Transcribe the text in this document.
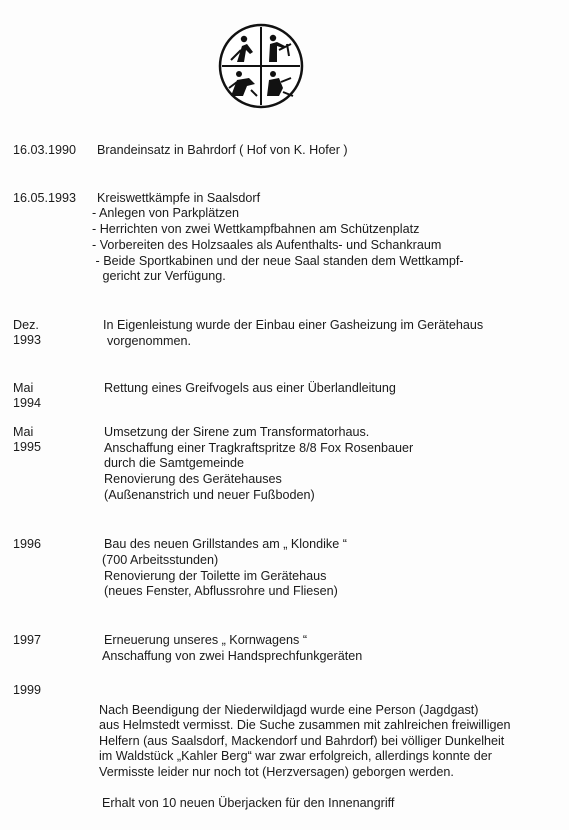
16.03.1990 Brandeinsatz in Bahrdorf ( Hof von K. Hofer )
16.05.1993 Kreiswettkämpfe in Saalsdorf
- Anlegen von Parkplätzen
- Herrichten von zwei Wettkampfbahnen am Schützenplatz
- Vorbereiten des Holzsaales als Aufenthalts- und Schankraum
- Beide Sportkabinen und der neue Saal standen dem Wettkampf-
gericht zur Verfügung.
Dez. 1993
In Eigenleistung wurde der Einbau einer Gasheizung im Gerätehaus
vorgenommen.
Mai 1994
Rettung eines Greifvogels aus einer Überlandleitung
Mai 1995
Umsetzung der Sirene zum Transformatorhaus.
Anschaffung einer Tragkraftspritze 8/8 Fox Rosenbauer
durch die Samtgemeinde
Renovierung des Gerätehauses
(Außenanstrich und neuer Fußboden)
1996	Bau des neuen Grillstandes am „ Klondike “
(700 Arbeitsstunden)
Renovierung der Toilette im Gerätehaus
(neues Fenster, Abflussrohre und Fliesen)
1997	Erneuerung unseres „ Kornwagens “
Anschaffung von zwei Handsprechfunkgeräten
1999
Nach Beendigung der Niederwildjagd wurde eine Person (Jagdgast)
aus Helmstedt vermisst. Die Suche zusammen mit zahlreichen freiwilligen
Helfern (aus Saalsdorf, Mackendorf und Bahrdorf) bei völliger Dunkelheit
im Waldstück „Kahler Berg“ war zwar erfolgreich, allerdings konnte der
Vermisste leider nur noch tot (Herzversagen) geborgen werden.
Erhalt von 10 neuen Überjacken für den Innenangriff
